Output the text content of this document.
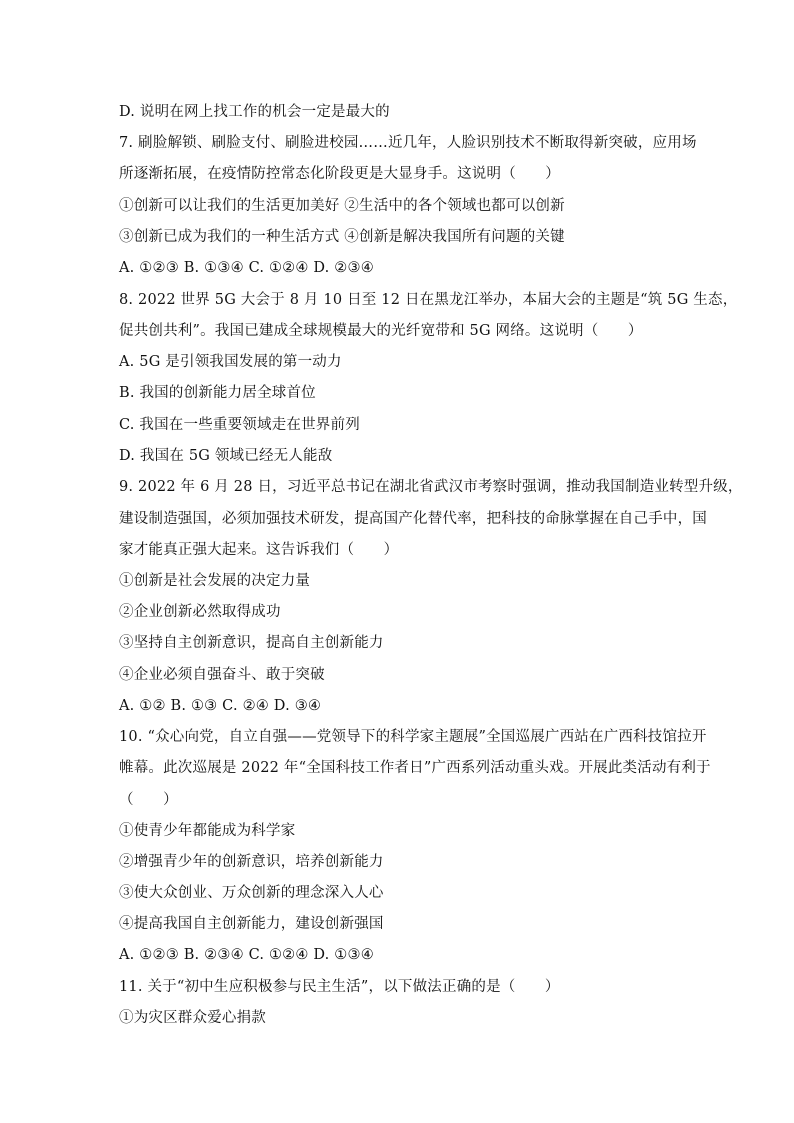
D. 说明在网上找工作的机会一定是最大的
7. 刷脸解锁、刷脸支付、刷脸进校园……近几年，人脸识别技术不断取得新突破，应用场
所逐渐拓展，在疫情防控常态化阶段更是大显身手。这说明（　　）
①创新可以让我们的生活更加美好 ②生活中的各个领域也都可以创新
③创新已成为我们的一种生活方式 ④创新是解决我国所有问题的关键
A. ①②③ B. ①③④ C. ①②④ D. ②③④
8. 2022 世界 5G 大会于 8 月 10 日至 12 日在黑龙江举办，本届大会的主题是“筑 5G 生态，
促共创共利”。我国已建成全球规模最大的光纤宽带和 5G 网络。这说明（　　）
A. 5G 是引领我国发展的第一动力
B. 我国的创新能力居全球首位
C. 我国在一些重要领域走在世界前列
D. 我国在 5G 领域已经无人能敌
9. 2022 年 6 月 28 日，习近平总书记在湖北省武汉市考察时强调，推动我国制造业转型升级，
建设制造强国，必须加强技术研发，提高国产化替代率，把科技的命脉掌握在自己手中，国
家才能真正强大起来。这告诉我们（　　）
①创新是社会发展的决定力量
②企业创新必然取得成功
③坚持自主创新意识，提高自主创新能力
④企业必须自强奋斗、敢于突破
A. ①② B. ①③ C. ②④ D. ③④
10. “众心向党，自立自强——党领导下的科学家主题展”全国巡展广西站在广西科技馆拉开
帷幕。此次巡展是 2022 年“全国科技工作者日”广西系列活动重头戏。开展此类活动有利于
（　　）
①使青少年都能成为科学家
②增强青少年的创新意识，培养创新能力
③使大众创业、万众创新的理念深入人心
④提高我国自主创新能力，建设创新强国
A. ①②③ B. ②③④ C. ①②④ D. ①③④
11. 关于“初中生应积极参与民主生活”，以下做法正确的是（　　）
①为灾区群众爱心捐款
